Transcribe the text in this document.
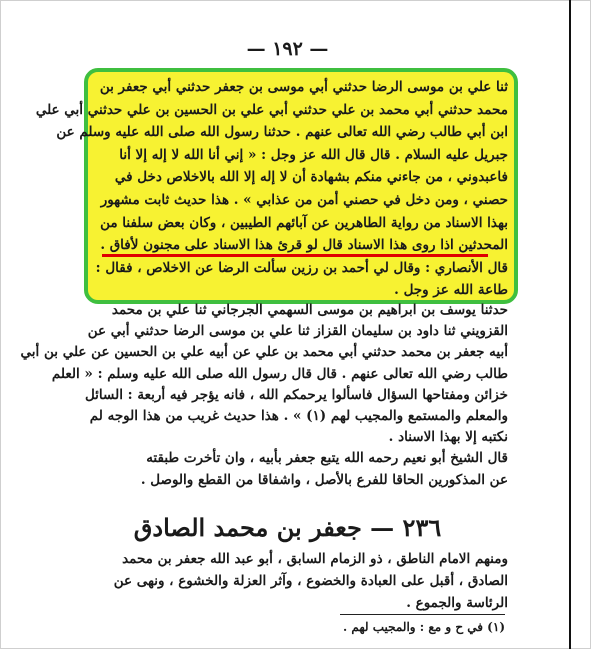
— ١٩٢ —
ثنا علي بن موسى الرضا حدثني أبي موسى بن جعفر حدثني أبي جعفر بن
محمد حدثني أبي محمد بن علي حدثني أبي علي بن الحسين بن علي حدثني أبي علي
ابن أبي طالب رضي الله تعالى عنهم . حدثنا رسول الله صلى الله عليه وسلم عن
جبريل عليه السلام . قال قال الله عز وجل : « إني أنا الله لا إله إلا أنا
فاعبدوني ، من جاءني منكم بشهادة أن لا إله إلا الله بالاخلاص دخل في
حصني ، ومن دخل في حصني أمن من عذابي » . هذا حديث ثابت مشهور
بهذا الاسناد من رواية الطاهرين عن آبائهم الطيبين ، وكان بعض سلفنا من
المحدثين اذا روى هذا الاسناد قال لو قرئ هذا الاسناد على مجنون لأفاق .
قال الأنصاري : وقال لي أحمد بن رزين سألت الرضا عن الاخلاص ، فقال :
طاعة الله عز وجل .
حدثنا يوسف بن ابراهيم بن موسى السهمي الجرجاني ثنا علي بن محمد
القزويني ثنا داود بن سليمان القزاز ثنا علي بن موسى الرضا حدثني أبي عن
أبيه جعفر بن محمد حدثني أبي محمد بن علي عن أبيه علي بن الحسين عن علي بن أبي
طالب رضي الله تعالى عنهم . قال قال رسول الله صلى الله عليه وسلم : « العلم
خزائن ومفتاحها السؤال فاسألوا يرحمكم الله ، فانه يؤجر فيه أربعة : السائل
والمعلم والمستمع والمجيب لهم (١) » . هذا حديث غريب من هذا الوجه لم
نكتبه إلا بهذا الاسناد .
قال الشيخ أبو نعيم رحمه الله يتبع جعفر بأبيه ، وان تأخرت طبقته
عن المذكورين الحاقا للفرع بالأصل ، واشفاقا من القطع والوصل .
٢٣٦ — جعفر بن محمد الصادق
ومنهم الامام الناطق ، ذو الزمام السابق ، أبو عبد الله جعفر بن محمد
الصادق ، أقبل على العبادة والخضوع ، وآثر العزلة والخشوع ، ونهى عن
الرئاسة والجموع .
(١) في ح و مع : والمجيب لهم .
